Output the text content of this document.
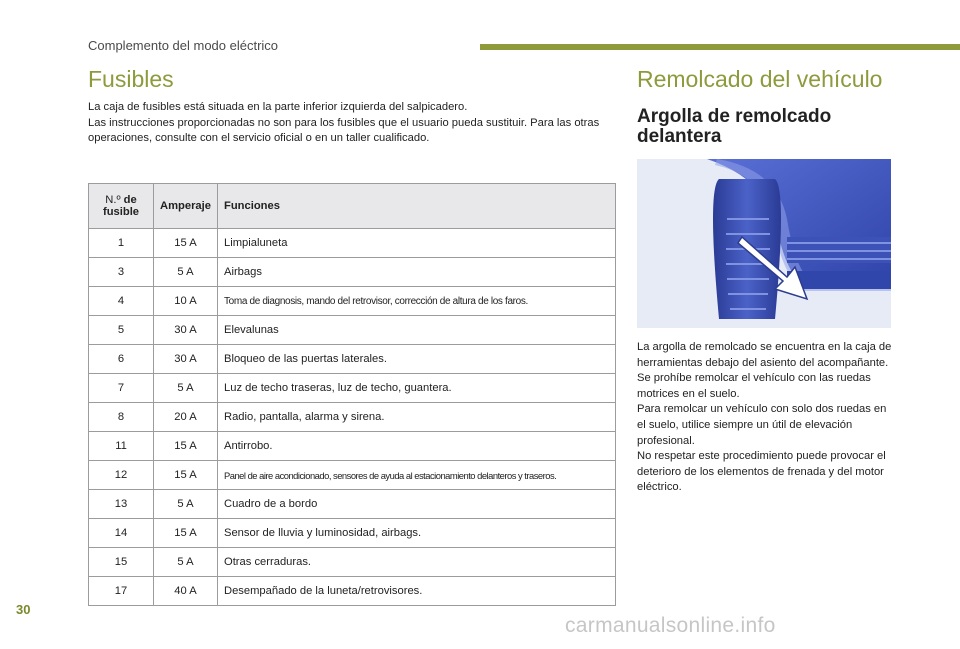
Complemento del modo eléctrico
Fusibles

La caja de fusibles está situada en la parte inferior izquierda del salpicadero.

Las instrucciones proporcionadas no son para los fusibles que el usuario pueda sustituir. Para las otras operaciones, consulte con el servicio oficial o en un taller cualificado.

N.º de fusible	Amperaje	Funciones
1	15 A	Limpialuneta
3	5 A	Airbags
4	10 A	Toma de diagnosis, mando del retrovisor, corrección de altura de los faros.
5	30 A	Elevalunas
6	30 A	Bloqueo de las puertas laterales.
7	5 A	Luz de techo traseras, luz de techo, guantera.
8	20 A	Radio, pantalla, alarma y sirena.
11	15 A	Antirrobo.
12	15 A	Panel de aire acondicionado, sensores de ayuda al estacionamiento delanteros y traseros.
13	5 A	Cuadro de a bordo
14	15 A	Sensor de lluvia y luminosidad, airbags.
15	5 A	Otras cerraduras.
17	40 A	Desempañado de la luneta/retrovisores.
Remolcado del vehículo
Argolla de remolcado delantera

La argolla de remolcado se encuentra en la caja de herramientas debajo del asiento del acompañante.

Se prohíbe remolcar el vehículo con las ruedas motrices en el suelo.

Para remolcar un vehículo con solo dos ruedas en el suelo, utilice siempre un útil de elevación profesional.

No respetar este procedimiento puede provocar el deterioro de los elementos de frenada y del motor eléctrico.

30
carmanualsonline.info
